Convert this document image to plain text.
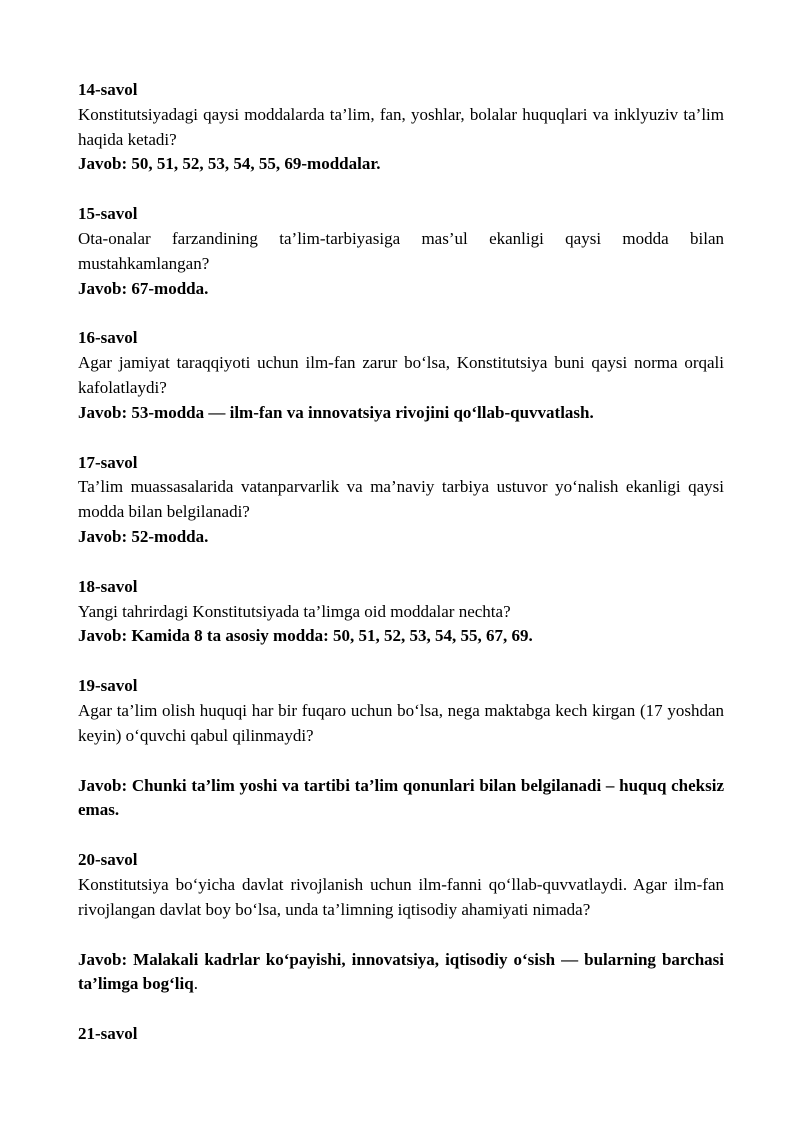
14-savol
Konstitutsiyadagi qaysi moddalarda ta’lim, fan, yoshlar, bolalar huquqlari va inklyuziv ta’lim haqida ketadi?
Javob: 50, 51, 52, 53, 54, 55, 69-moddalar.
15-savol
Ota-onalar farzandining ta’lim-tarbiyasiga mas’ul ekanligi qaysi modda bilan mustahkamlangan?
Javob: 67-modda.
16-savol
Agar jamiyat taraqqiyoti uchun ilm-fan zarur bo‘lsa, Konstitutsiya buni qaysi norma orqali kafolatlaydi?
Javob: 53-modda — ilm-fan va innovatsiya rivojini qo‘llab-quvvatlash.
17-savol
Ta’lim muassasalarida vatanparvarlik va ma’naviy tarbiya ustuvor yo‘nalish ekanligi qaysi modda bilan belgilanadi?
Javob: 52-modda.
18-savol
Yangi tahrirdagi Konstitutsiyada ta’limga oid moddalar nechta?
Javob: Kamida 8 ta asosiy modda: 50, 51, 52, 53, 54, 55, 67, 69.
19-savol
Agar ta’lim olish huquqi har bir fuqaro uchun bo‘lsa, nega maktabga kech kirgan (17 yoshdan keyin) o‘quvchi qabul qilinmaydi?
Javob: Chunki ta’lim yoshi va tartibi ta’lim qonunlari bilan belgilanadi – huquq cheksiz emas.
20-savol
Konstitutsiya bo‘yicha davlat rivojlanish uchun ilm-fanni qo‘llab-quvvatlaydi. Agar ilm-fan rivojlangan davlat boy bo‘lsa, unda ta’limning iqtisodiy ahamiyati nimada?
Javob: Malakali kadrlar ko‘payishi, innovatsiya, iqtisodiy o‘sish — bularning barchasi ta’limga bog‘liq.
21-savol
